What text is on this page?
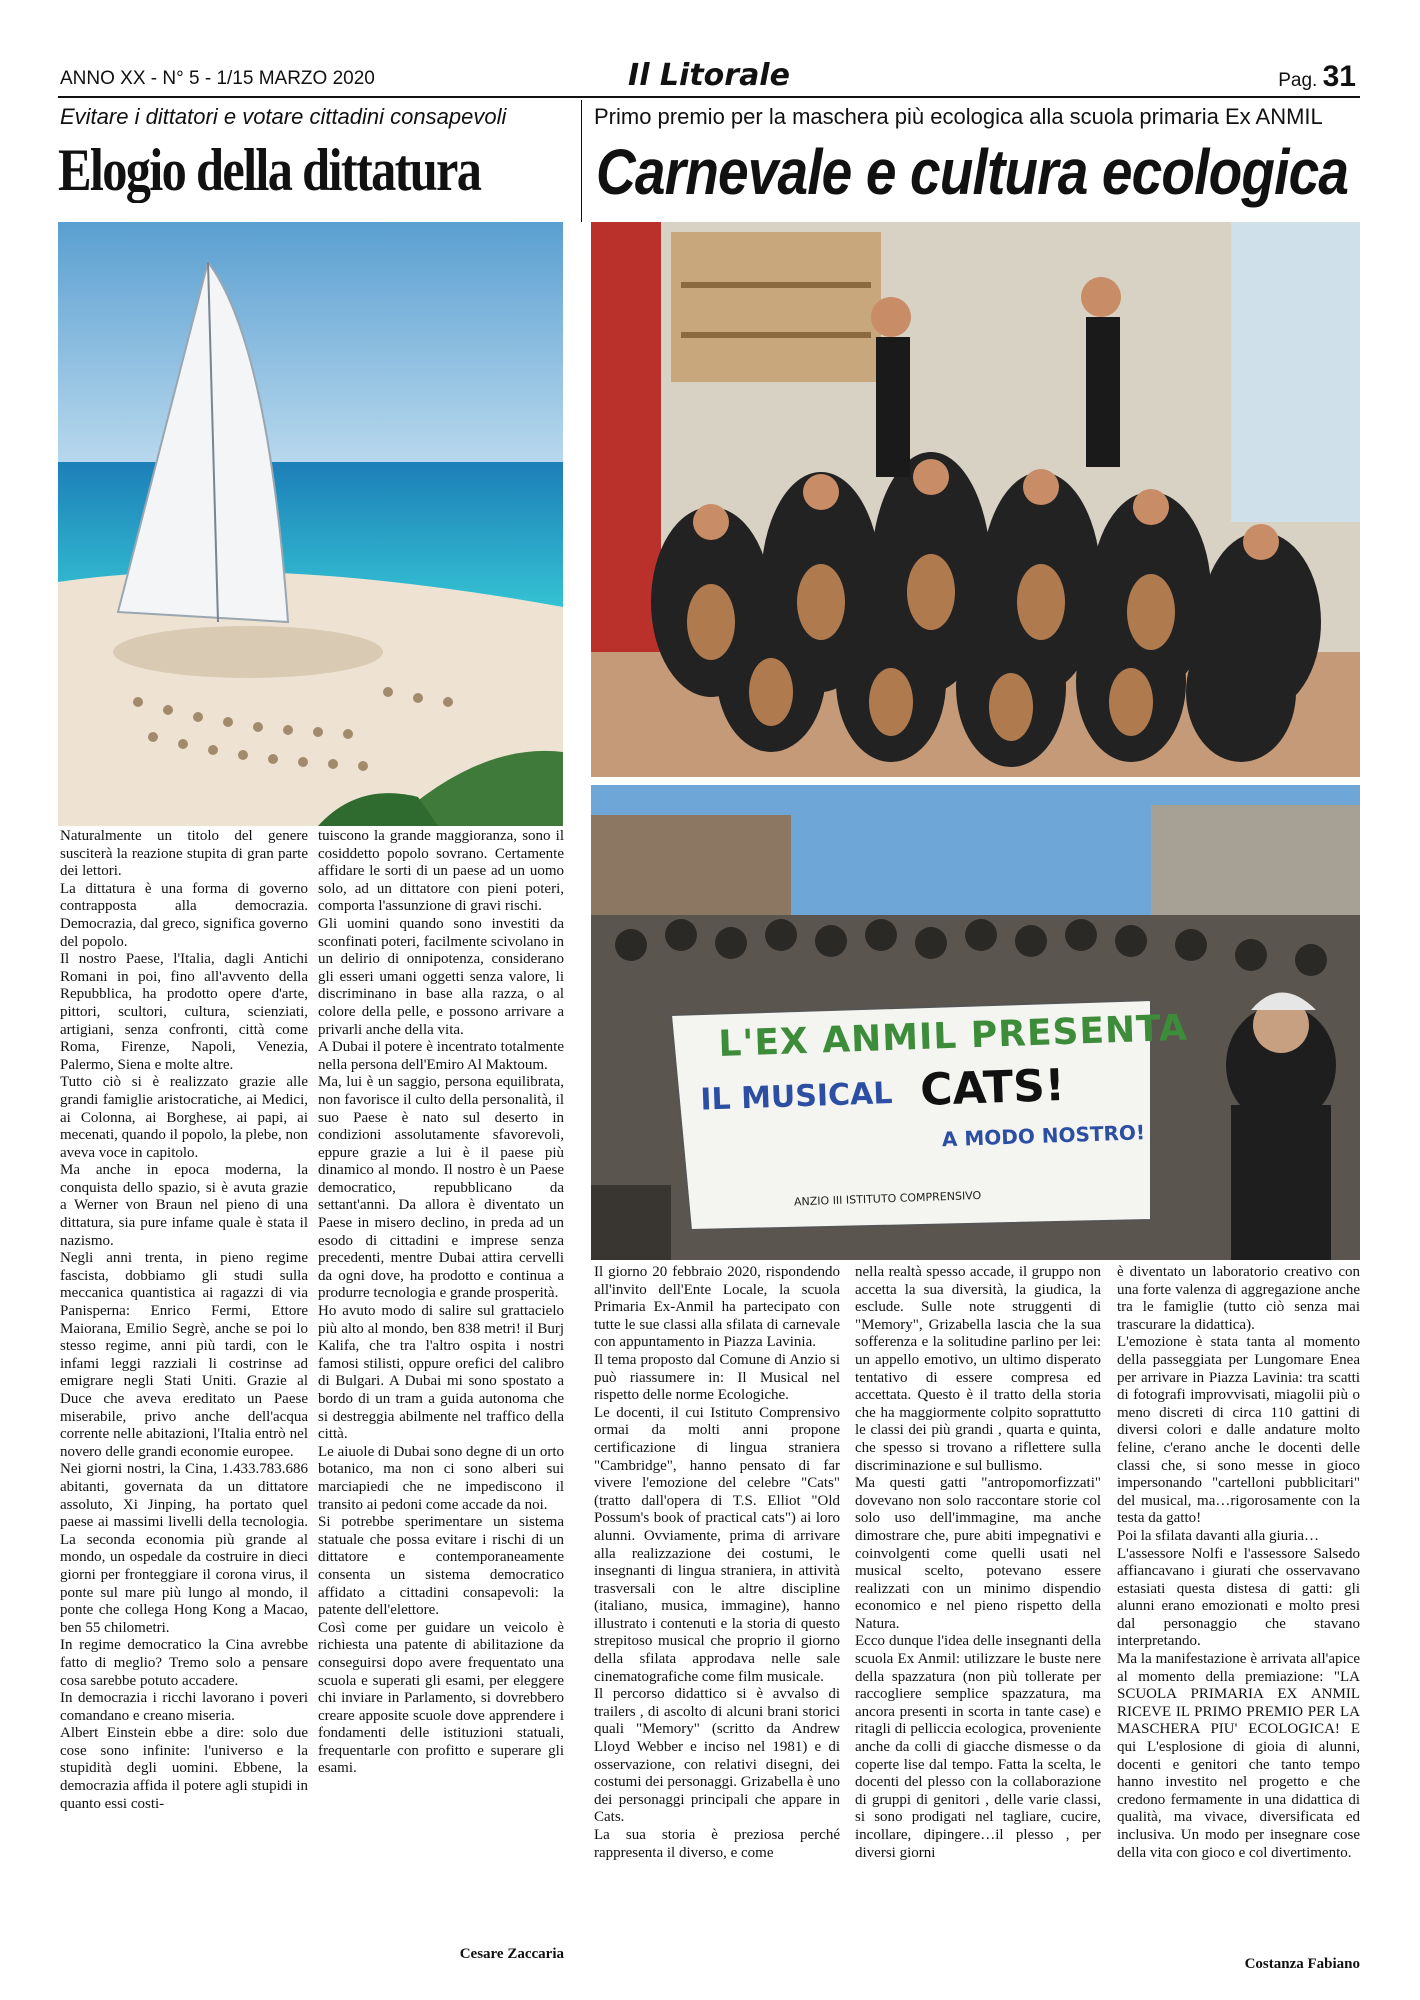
ANNO XX - N° 5 - 1/15 MARZO 2020	Il Litorale	Pag. 31
Evitare i dittatori e votare cittadini consapevoli
Elogio della dittatura
Primo premio per la maschera più ecologica alla scuola primaria Ex ANMIL
Carnevale e cultura ecologica
L'EX ANMIL PRESENTA
IL MUSICAL CATS!
A MODO NOSTRO!
ANZIO III ISTITUTO COMPRENSIVO
Naturalmente un titolo del genere susciterà la reazione stupita di gran parte dei lettori.
La dittatura è una forma di governo contrapposta alla democrazia. Democrazia, dal greco, significa governo del popolo.
Il nostro Paese, l'Italia, dagli Antichi Romani in poi, fino all'avvento della Repubblica, ha prodotto opere d'arte, pittori, scultori, cultura, scienziati, artigiani, senza confronti, città come Roma, Firenze, Napoli, Venezia, Palermo, Siena e molte altre.
Tutto ciò si è realizzato grazie alle grandi famiglie aristocratiche, ai Medici, ai Colonna, ai Borghese, ai papi, ai mecenati, quando il popolo, la plebe, non aveva voce in capitolo.
Ma anche in epoca moderna, la conquista dello spazio, si è avuta grazie a Werner von Braun nel pieno di una dittatura, sia pure infame quale è stata il nazismo.
Negli anni trenta, in pieno regime fascista, dobbiamo gli studi sulla meccanica quantistica ai ragazzi di via Panisperna: Enrico Fermi, Ettore Maiorana, Emilio Segrè, anche se poi lo stesso regime, anni più tardi, con le infami leggi razziali li costrinse ad emigrare negli Stati Uniti. Grazie al Duce che aveva ereditato un Paese miserabile, privo anche dell'acqua corrente nelle abitazioni, l'Italia entrò nel novero delle grandi economie europee.
Nei giorni nostri, la Cina, 1.433.783.686 abitanti, governata da un dittatore assoluto, Xi Jinping, ha portato quel paese ai massimi livelli della tecnologia. La seconda economia più grande al mondo, un ospedale da costruire in dieci giorni per fronteggiare il corona virus, il ponte sul mare più lungo al mondo, il ponte che collega Hong Kong a Macao, ben 55 chilometri.
In regime democratico la Cina avrebbe fatto di meglio? Tremo solo a pensare cosa sarebbe potuto accadere.
In democrazia i ricchi lavorano i poveri comandano e creano miseria.
Albert Einstein ebbe a dire: solo due cose sono infinite: l'universo e la stupidità degli uomini. Ebbene, la democrazia affida il potere agli stupidi in quanto essi costi-
tuiscono la grande maggioranza, sono il cosiddetto popolo sovrano. Certamente affidare le sorti di un paese ad un uomo solo, ad un dittatore con pieni poteri, comporta l'assunzione di gravi rischi.
Gli uomini quando sono investiti da sconfinati poteri, facilmente scivolano in un delirio di onnipotenza, considerano gli esseri umani oggetti senza valore, li discriminano in base alla razza, o al colore della pelle, e possono arrivare a privarli anche della vita.
A Dubai il potere è incentrato totalmente nella persona dell'Emiro Al Maktoum.
Ma, lui è un saggio, persona equilibrata, non favorisce il culto della personalità, il suo Paese è nato sul deserto in condizioni assolutamente sfavorevoli, eppure grazie a lui è il paese più dinamico al mondo. Il nostro è un Paese democratico, repubblicano da settant'anni. Da allora è diventato un Paese in misero declino, in preda ad un esodo di cittadini e imprese senza precedenti, mentre Dubai attira cervelli da ogni dove, ha prodotto e continua a produrre tecnologia e grande prosperità.
Ho avuto modo di salire sul grattacielo più alto al mondo, ben 838 metri! il Burj Kalifa, che tra l'altro ospita i nostri famosi stilisti, oppure orefici del calibro di Bulgari. A Dubai mi sono spostato a bordo di un tram a guida autonoma che si destreggia abilmente nel traffico della città.
Le aiuole di Dubai sono degne di un orto botanico, ma non ci sono alberi sui marciapiedi che ne impediscono il transito ai pedoni come accade da noi.
Si potrebbe sperimentare un sistema statuale che possa evitare i rischi di un dittatore e contemporaneamente consenta un sistema democratico affidato a cittadini consapevoli: la patente dell'elettore.
Così come per guidare un veicolo è richiesta una patente di abilitazione da conseguirsi dopo avere frequentato una scuola e superati gli esami, per eleggere chi inviare in Parlamento, si dovrebbero creare apposite scuole dove apprendere i fondamenti delle istituzioni statuali, frequentarle con profitto e superare gli esami.
Cesare Zaccaria
Il giorno 20 febbraio 2020, rispondendo all'invito dell'Ente Locale, la scuola Primaria Ex-Anmil ha partecipato con tutte le sue classi alla sfilata di carnevale con appuntamento in Piazza Lavinia.
Il tema proposto dal Comune di Anzio si può riassumere in: Il Musical nel rispetto delle norme Ecologiche.
Le docenti, il cui Istituto Comprensivo ormai da molti anni propone certificazione di lingua straniera "Cambridge", hanno pensato di far vivere l'emozione del celebre "Cats" (tratto dall'opera di T.S. Elliot "Old Possum's book of practical cats") ai loro alunni. Ovviamente, prima di arrivare alla realizzazione dei costumi, le insegnanti di lingua straniera, in attività trasversali con le altre discipline (italiano, musica, immagine), hanno illustrato i contenuti e la storia di questo strepitoso musical che proprio il giorno della sfilata approdava nelle sale cinematografiche come film musicale.
Il percorso didattico si è avvalso di trailers , di ascolto di alcuni brani storici quali "Memory" (scritto da Andrew Lloyd Webber e inciso nel 1981) e di osservazione, con relativi disegni, dei costumi dei personaggi. Grizabella è uno dei personaggi principali che appare in Cats.
La sua storia è preziosa perché rappresenta il diverso, e come
nella realtà spesso accade, il gruppo non accetta la sua diversità, la giudica, la esclude. Sulle note struggenti di "Memory", Grizabella lascia che la sua sofferenza e la solitudine parlino per lei: un appello emotivo, un ultimo disperato tentativo di essere compresa ed accettata. Questo è il tratto della storia che ha maggiormente colpito soprattutto le classi dei più grandi , quarta e quinta, che spesso si trovano a riflettere sulla discriminazione e sul bullismo.
Ma questi gatti "antropomorfizzati" dovevano non solo raccontare storie col solo uso dell'immagine, ma anche dimostrare che, pure abiti impegnativi e coinvolgenti come quelli usati nel musical scelto, potevano essere realizzati con un minimo dispendio economico e nel pieno rispetto della Natura.
Ecco dunque l'idea delle insegnanti della scuola Ex Anmil: utilizzare le buste nere della spazzatura (non più tollerate per raccogliere semplice spazzatura, ma ancora presenti in scorta in tante case) e ritagli di pelliccia ecologica, proveniente anche da colli di giacche dismesse o da coperte lise dal tempo. Fatta la scelta, le docenti del plesso con la collaborazione di gruppi di genitori , delle varie classi, si sono prodigati nel tagliare, cucire, incollare, dipingere…il plesso , per diversi giorni
è diventato un laboratorio creativo con una forte valenza di aggregazione anche tra le famiglie (tutto ciò senza mai trascurare la didattica).
L'emozione è stata tanta al momento della passeggiata per Lungomare Enea per arrivare in Piazza Lavinia: tra scatti di fotografi improvvisati, miagolii più o meno discreti di circa 110 gattini di diversi colori e dalle andature molto feline, c'erano anche le docenti delle classi che, si sono messe in gioco impersonando "cartelloni pubblicitari" del musical, ma…rigorosamente con la testa da gatto!
Poi la sfilata davanti alla giuria…
L'assessore Nolfi e l'assessore Salsedo affiancavano i giurati che osservavano estasiati questa distesa di gatti: gli alunni erano emozionati e molto presi dal personaggio che stavano interpretando.
Ma la manifestazione è arrivata all'apice al momento della premiazione: "LA SCUOLA PRIMARIA EX ANMIL RICEVE IL PRIMO PREMIO PER LA MASCHERA PIU' ECOLOGICA! E qui L'esplosione di gioia di alunni, docenti e genitori che tanto tempo hanno investito nel progetto e che credono fermamente in una didattica di qualità, ma vivace, diversificata ed inclusiva. Un modo per insegnare cose della vita con gioco e col divertimento.
Costanza Fabiano
